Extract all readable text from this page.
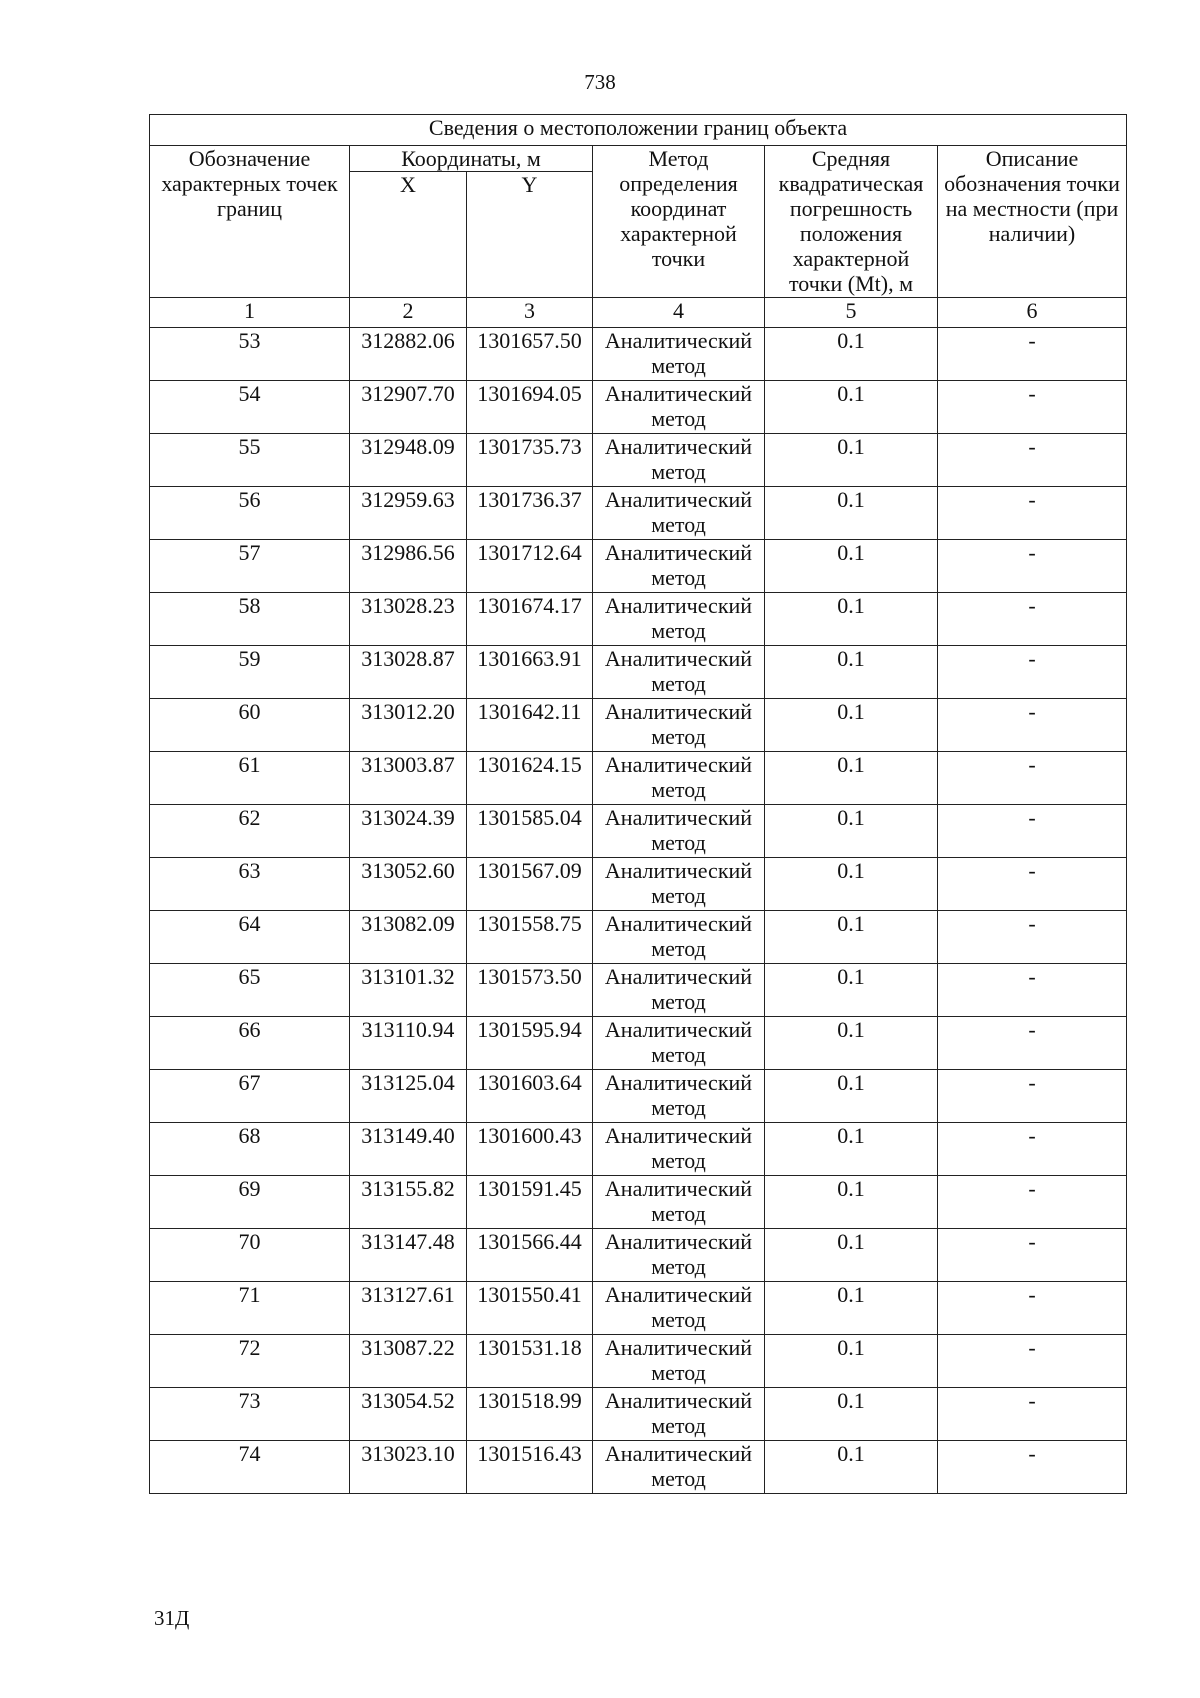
738
Сведения о местоположении границ объекта					
Обозначение характерных точек границ	Координаты, м		Метод определения координат характерной точки	Средняя квадратическая погрешность положения характерной точки (Mt), м	Описание обозначения точки на местности (при наличии)
	X	Y			
1	2	3	4	5	6
53	312882.06	1301657.50	Аналитический метод	0.1	-
54	312907.70	1301694.05	Аналитический метод	0.1	-
55	312948.09	1301735.73	Аналитический метод	0.1	-
56	312959.63	1301736.37	Аналитический метод	0.1	-
57	312986.56	1301712.64	Аналитический метод	0.1	-
58	313028.23	1301674.17	Аналитический метод	0.1	-
59	313028.87	1301663.91	Аналитический метод	0.1	-
60	313012.20	1301642.11	Аналитический метод	0.1	-
61	313003.87	1301624.15	Аналитический метод	0.1	-
62	313024.39	1301585.04	Аналитический метод	0.1	-
63	313052.60	1301567.09	Аналитический метод	0.1	-
64	313082.09	1301558.75	Аналитический метод	0.1	-
65	313101.32	1301573.50	Аналитический метод	0.1	-
66	313110.94	1301595.94	Аналитический метод	0.1	-
67	313125.04	1301603.64	Аналитический метод	0.1	-
68	313149.40	1301600.43	Аналитический метод	0.1	-
69	313155.82	1301591.45	Аналитический метод	0.1	-
70	313147.48	1301566.44	Аналитический метод	0.1	-
71	313127.61	1301550.41	Аналитический метод	0.1	-
72	313087.22	1301531.18	Аналитический метод	0.1	-
73	313054.52	1301518.99	Аналитический метод	0.1	-
74	313023.10	1301516.43	Аналитический метод	0.1	-
31Д
